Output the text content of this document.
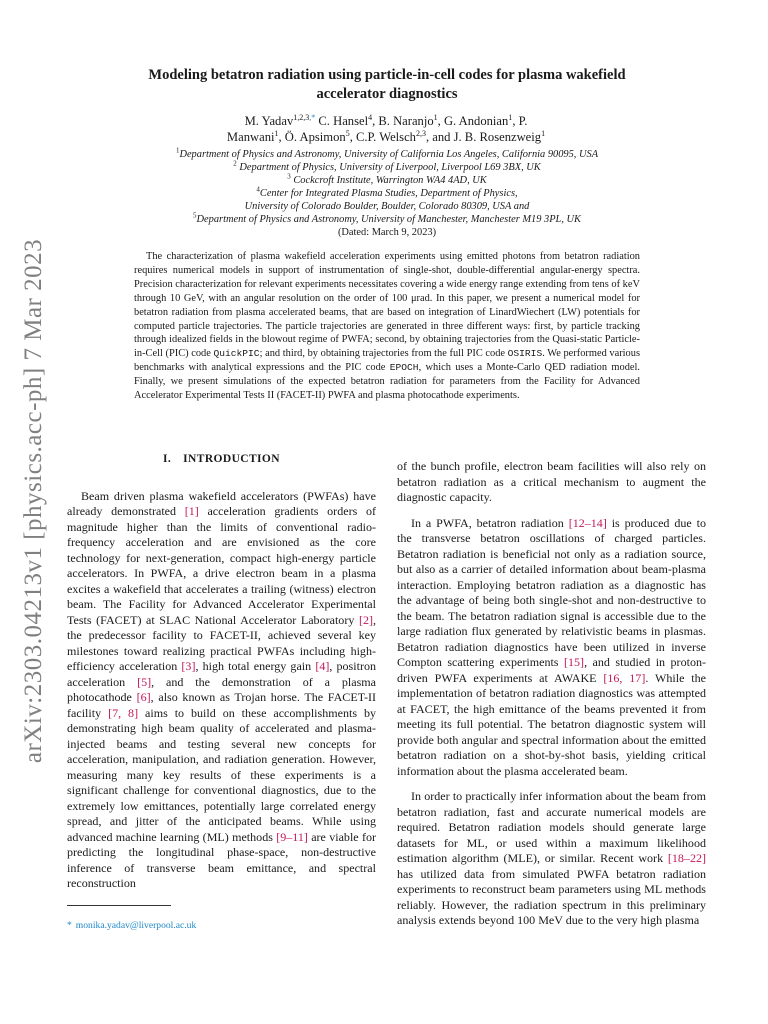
arXiv:2303.04213v1 [physics.acc-ph] 7 Mar 2023
Modeling betatron radiation using particle-in-cell codes for plasma wakefield
accelerator diagnostics
M. Yadav$^{1,2,3,*}$ C. Hansel$^4$, B. Naranjo$^1$, G. Andonian$^1$, P.
Manwani$^1$, Ö. Apsimon$^5$, C.P. Welsch$^{2,3}$, and J. B. Rosenzweig$^1$
$^1$Department of Physics and Astronomy, University of California Los Angeles, California 90095, USA
$^2$ Department of Physics, University of Liverpool, Liverpool L69 3BX, UK
$^3$ Cockcroft Institute, Warrington WA4 4AD, UK
$^4$Center for Integrated Plasma Studies, Department of Physics,
University of Colorado Boulder, Boulder, Colorado 80309, USA and
$^5$Department of Physics and Astronomy, University of Manchester, Manchester M19 3PL, UK
(Dated: March 9, 2023)

The characterization of plasma wakefield acceleration experiments using emitted photons from betatron radiation requires numerical models in support of instrumentation of single-shot, double-differential angular-energy spectra. Precision characterization for relevant experiments necessitates covering a wide energy range extending from tens of keV through 10 GeV, with an angular resolution on the order of 100 μrad. In this paper, we present a numerical model for betatron radiation from plasma accelerated beams, that are based on integration of LinardWiechert (LW) potentials for computed particle trajectories. The particle trajectories are generated in three different ways: first, by particle tracking through idealized fields in the blowout regime of PWFA; second, by obtaining trajectories from the Quasi-static Particle-in-Cell (PIC) code QuickPIC; and third, by obtaining trajectories from the full PIC code OSIRIS. We performed various benchmarks with analytical expressions and the PIC code EPOCH, which uses a Monte-Carlo QED radiation model. Finally, we present simulations of the expected betatron radiation for parameters from the Facility for Advanced Accelerator Experimental Tests II (FACET-II) PWFA and plasma photocathode experiments.

I. INTRODUCTION

Beam driven plasma wakefield accelerators (PWFAs) have already demonstrated [1] acceleration gradients orders of magnitude higher than the limits of conventional radio-frequency acceleration and are envisioned as the core technology for next-generation, compact high-energy particle accelerators. In PWFA, a drive electron beam in a plasma excites a wakefield that accelerates a trailing (witness) electron beam. The Facility for Advanced Accelerator Experimental Tests (FACET) at SLAC National Accelerator Laboratory [2], the predecessor facility to FACET-II, achieved several key milestones toward realizing practical PWFAs including high-efficiency acceleration [3], high total energy gain [4], positron acceleration [5], and the demonstration of a plasma photocathode [6], also known as Trojan horse. The FACET-II facility [7, 8] aims to build on these accomplishments by demonstrating high beam quality of accelerated and plasma-injected beams and testing several new concepts for acceleration, manipulation, and radiation generation. However, measuring many key results of these experiments is a significant challenge for conventional diagnostics, due to the extremely low emittances, potentially large correlated energy spread, and jitter of the anticipated beams. While using advanced machine learning (ML) methods [9–11] are viable for predicting the longitudinal phase-space, non-destructive inference of transverse beam emittance, and spectral reconstruction

of the bunch profile, electron beam facilities will also rely on betatron radiation as a critical mechanism to augment the diagnostic capacity.

In a PWFA, betatron radiation [12–14] is produced due to the transverse betatron oscillations of charged particles. Betatron radiation is beneficial not only as a radiation source, but also as a carrier of detailed information about beam-plasma interaction. Employing betatron radiation as a diagnostic has the advantage of being both single-shot and non-destructive to the beam. The betatron radiation signal is accessible due to the large radiation flux generated by relativistic beams in plasmas. Betatron radiation diagnostics have been utilized in inverse Compton scattering experiments [15], and studied in proton-driven PWFA experiments at AWAKE [16, 17]. While the implementation of betatron radiation diagnostics was attempted at FACET, the high emittance of the beams prevented it from meeting its full potential. The betatron diagnostic system will provide both angular and spectral information about the emitted betatron radiation on a shot-by-shot basis, yielding critical information about the plasma accelerated beam.

In order to practically infer information about the beam from betatron radiation, fast and accurate numerical models are required. Betatron radiation models should generate large datasets for ML, or used within a maximum likelihood estimation algorithm (MLE), or similar. Recent work [18–22] has utilized data from simulated PWFA betatron radiation experiments to reconstruct beam parameters using ML methods reliably. However, the radiation spectrum in this preliminary analysis extends beyond 100 MeV due to the very high plasma

* monika.yadav@liverpool.ac.uk
